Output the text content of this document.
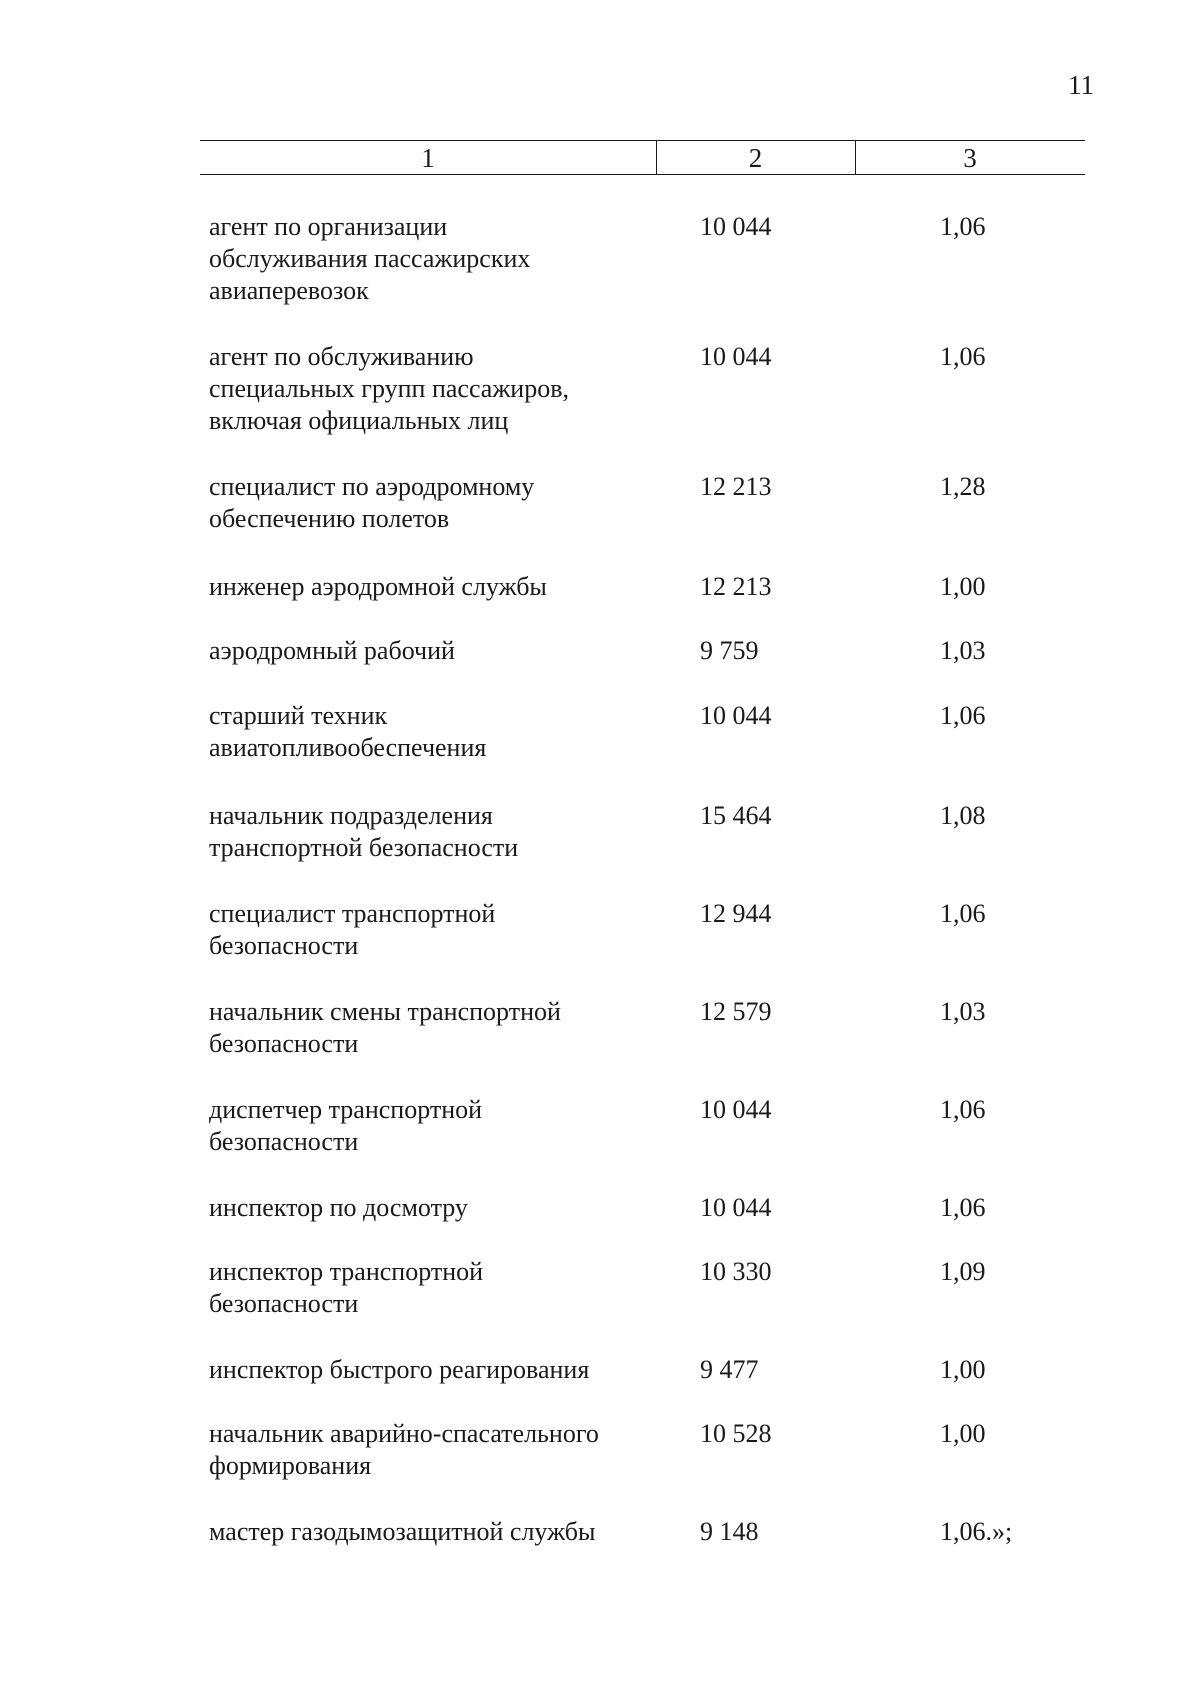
11
1	2	3
агент по организации
обслуживания пассажирских
авиаперевозок
10 044	1,06
агент по обслуживанию
специальных групп пассажиров,
включая официальных лиц
10 044	1,06
специалист по аэродромному
обеспечению полетов
12 213	1,28
инженер аэродромной службы	12 213	1,00
аэродромный рабочий	9 759	1,03
старший техник
авиатопливообеспечения
10 044	1,06
начальник подразделения
транспортной безопасности
15 464	1,08
специалист транспортной
безопасности
12 944	1,06
начальник смены транспортной
безопасности
12 579	1,03
диспетчер транспортной
безопасности
10 044	1,06
инспектор по досмотру	10 044	1,06
инспектор транспортной
безопасности
10 330	1,09
инспектор быстрого реагирования	9 477	1,00
начальник аварийно-спасательного
формирования
10 528	1,00
мастер газодымозащитной службы	9 148	1,06.»;
